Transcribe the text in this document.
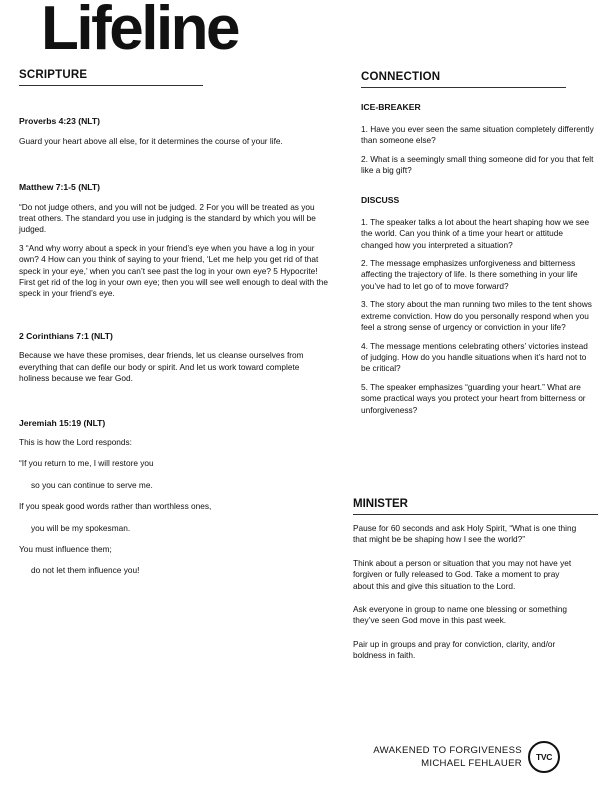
Lifeline
SCRIPTURE
Proverbs 4:23 (NLT)

Guard your heart above all else, for it determines the course of your life.

Matthew 7:1-5 (NLT)

“Do not judge others, and you will not be judged. 2 For you will be treated as you treat others. The standard you use in judging is the standard by which you will be judged.

3 “And why worry about a speck in your friend’s eye when you have a log in your own? 4 How can you think of saying to your friend, ‘Let me help you get rid of that speck in your eye,’ when you can’t see past the log in your own eye? 5 Hypocrite! First get rid of the log in your own eye; then you will see well enough to deal with the speck in your friend’s eye.

2 Corinthians 7:1 (NLT)

Because we have these promises, dear friends, let us cleanse ourselves from everything that can defile our body or spirit. And let us work toward complete holiness because we fear God.

Jeremiah 15:19 (NLT)

This is how the Lord responds:

“If you return to me, I will restore you

so you can continue to serve me.

If you speak good words rather than worthless ones,

you will be my spokesman.

You must influence them;

do not let them influence you!

CONNECTION
ICE-BREAKER

1. Have you ever seen the same situation completely differently than someone else?

2. What is a seemingly small thing someone did for you that felt like a big gift?

DISCUSS

1. The speaker talks a lot about the heart shaping how we see the world. Can you think of a time your heart or attitude changed how you interpreted a situation?

2. The message emphasizes unforgiveness and bitterness affecting the trajectory of life. Is there something in your life you’ve had to let go of to move forward?

3. The story about the man running two miles to the tent shows extreme conviction. How do you personally respond when you feel a strong sense of urgency or conviction in your life?

4. The message mentions celebrating others’ victories instead of judging. How do you handle situations when it’s hard not to be critical?

5. The speaker emphasizes “guarding your heart.” What are some practical ways you protect your heart from bitterness or unforgiveness?

MINISTER

Pause for 60 seconds and ask Holy Spirit, “What is one thing that might be be shaping how I see the world?”

Think about a person or situation that you may not have yet forgiven or fully released to God. Take a moment to pray about this and give this situation to the Lord.

Ask everyone in group to name one blessing or something they’ve seen God move in this past week.

Pair up in groups and pray for conviction, clarity, and/or boldness in faith.

AWAKENED TO FORGIVENESS
MICHAEL FEHLAUER
TVC
